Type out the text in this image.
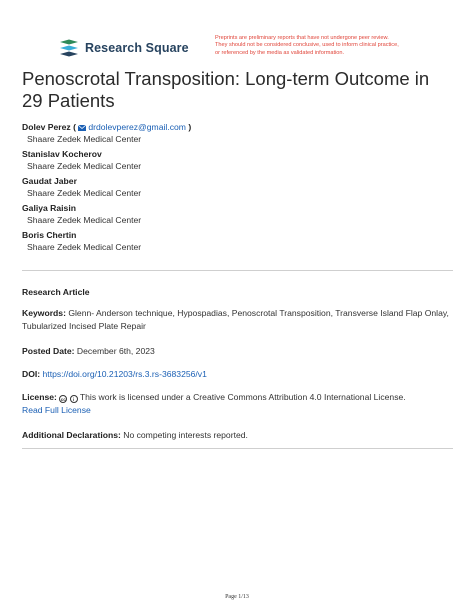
Research Square
Preprints are preliminary reports that have not undergone peer review.
They should not be considered conclusive, used to inform clinical practice,
or referenced by the media as validated information.
Penoscrotal Transposition: Long-term Outcome in 29 Patients
Dolev Perez ( drdolevperez@gmail.com )
Shaare Zedek Medical Center
Stanislav Kocherov
Shaare Zedek Medical Center
Gaudat Jaber
Shaare Zedek Medical Center
Galiya Raisin
Shaare Zedek Medical Center
Boris Chertin
Shaare Zedek Medical Center
Research Article
Keywords: Glenn- Anderson technique, Hypospadias, Penoscrotal Transposition, Transverse Island Flap Onlay, Tubularized Incised Plate Repair
Posted Date: December 6th, 2023
DOI: https://doi.org/10.21203/rs.3.rs-3683256/v1
License: cc i This work is licensed under a Creative Commons Attribution 4.0 International License.
Read Full License
Additional Declarations: No competing interests reported.
Page 1/13
